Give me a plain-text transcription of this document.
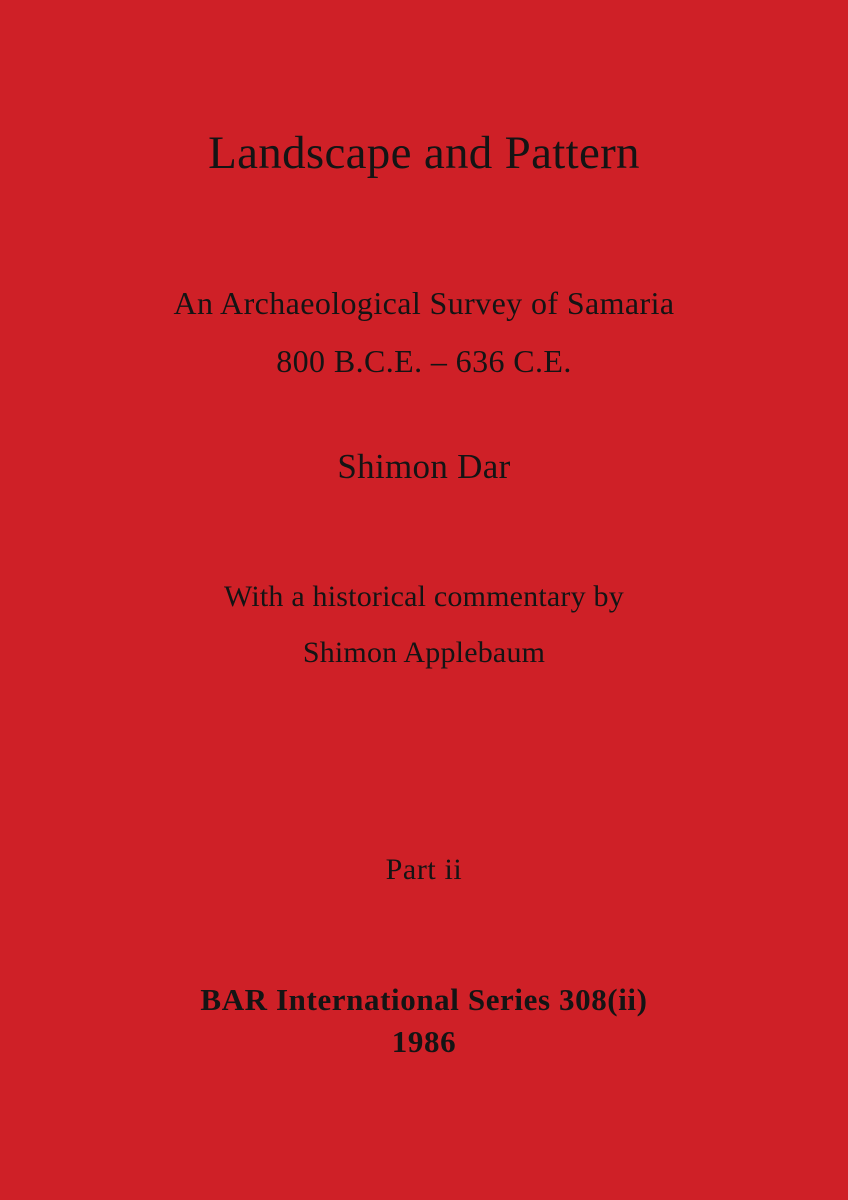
Landscape and Pattern
An Archaeological Survey of Samaria
800 B.C.E. – 636 C.E.
Shimon Dar
With a historical commentary by
Shimon Applebaum
Part ii
BAR International Series 308(ii)
1986
